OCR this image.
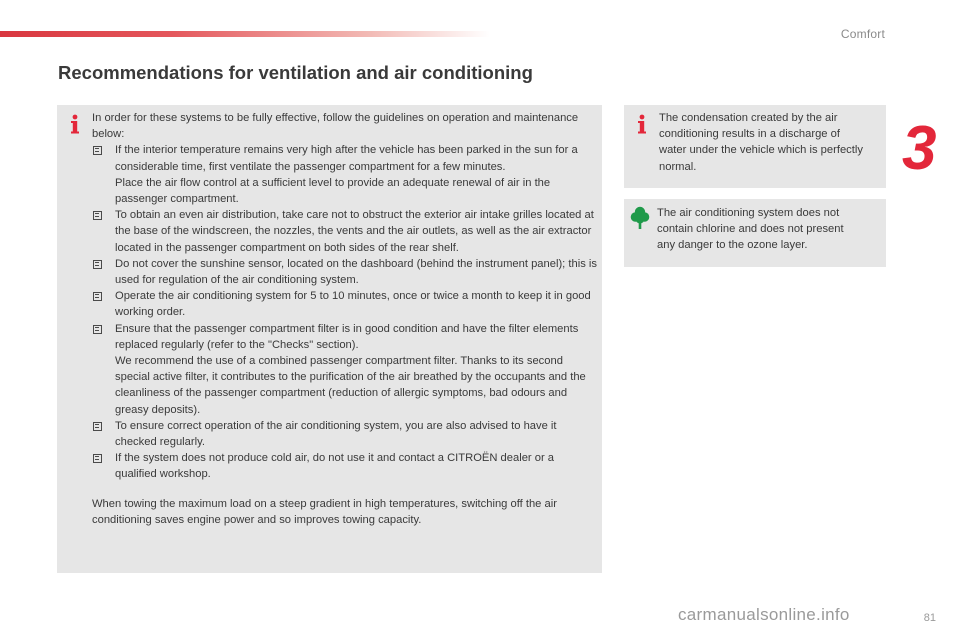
Comfort
3
Recommendations for ventilation and air conditioning

In order for these systems to be fully effective, follow the guidelines on operation and maintenance below:

If the interior temperature remains very high after the vehicle has been parked in the sun for a considerable time, first ventilate the passenger compartment for a few minutes.
Place the air flow control at a sufficient level to provide an adequate renewal of air in the passenger compartment.
To obtain an even air distribution, take care not to obstruct the exterior air intake grilles located at the base of the windscreen, the nozzles, the vents and the air outlets, as well as the air extractor located in the passenger compartment on both sides of the rear shelf.
Do not cover the sunshine sensor, located on the dashboard (behind the instrument panel); this is used for regulation of the air conditioning system.
Operate the air conditioning system for 5 to 10 minutes, once or twice a month to keep it in good working order.
Ensure that the passenger compartment filter is in good condition and have the filter elements replaced regularly (refer to the "Checks" section).
We recommend the use of a combined passenger compartment filter. Thanks to its second special active filter, it contributes to the purification of the air breathed by the occupants and the cleanliness of the passenger compartment (reduction of allergic symptoms, bad odours and greasy deposits).
To ensure correct operation of the air conditioning system, you are also advised to have it checked regularly.
If the system does not produce cold air, do not use it and contact a CITROËN dealer or a qualified workshop.

When towing the maximum load on a steep gradient in high temperatures, switching off the air conditioning saves engine power and so improves towing capacity.

The condensation created by the air conditioning results in a discharge of water under the vehicle which is perfectly normal.
The air conditioning system does not contain chlorine and does not present any danger to the ozone layer.
carmanualsonline.info	81
